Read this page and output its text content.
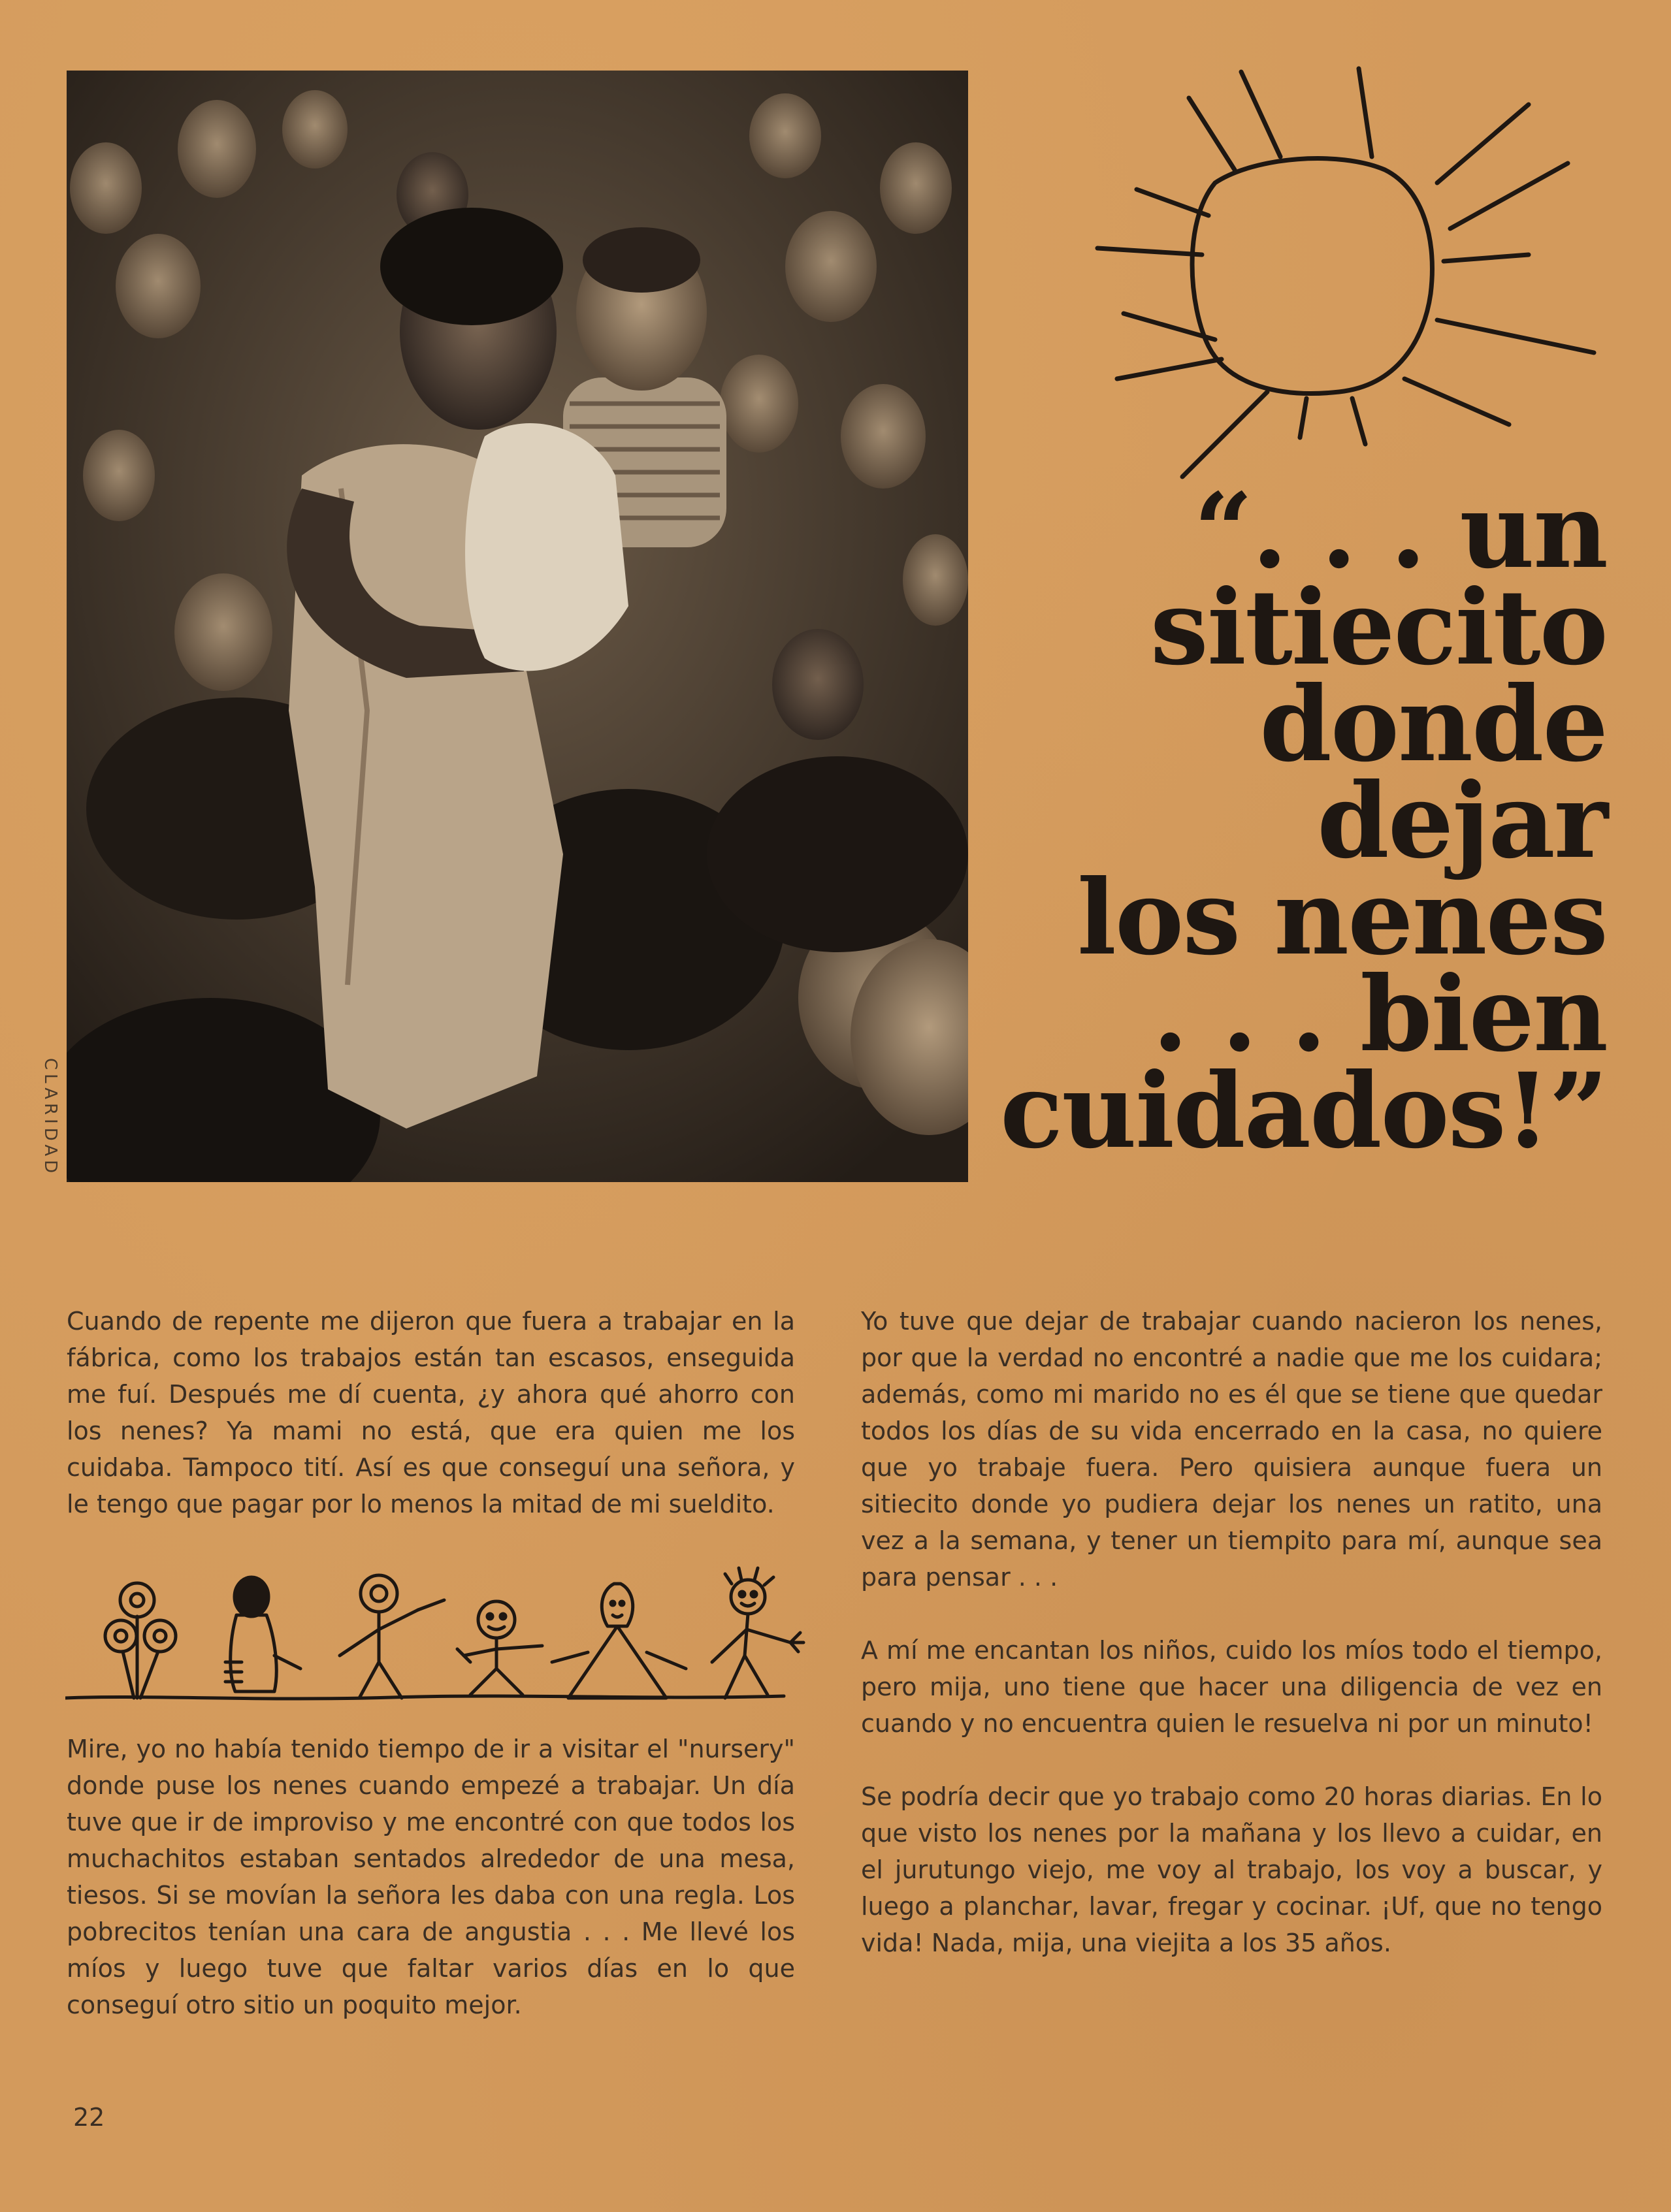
CLARIDAD
“. . . un
sitiecito
donde
dejar
los nenes
. . . bien
cuidados!”

Cuando de repente me dijeron que fuera a trabajar en la fábrica, como los trabajos están tan escasos, enseguida me fuí. Después me dí cuenta, ¿y ahora qué ahorro con los nenes? Ya mami no está, que era quien me los cuidaba. Tampoco tití. Así es que conseguí una señora, y le tengo que pagar por lo menos la mitad de mi sueldito.

Mire, yo no había tenido tiempo de ir a visitar el "nursery" donde puse los nenes cuando empezé a trabajar. Un día tuve que ir de improviso y me encontré con que todos los muchachitos estaban sentados alrededor de una mesa, tiesos. Si se movían la señora les daba con una regla. Los pobrecitos tenían una cara de angustia . . . Me llevé los míos y luego tuve que faltar varios días en lo que conseguí otro sitio un poquito mejor.

Yo tuve que dejar de trabajar cuando nacieron los nenes, por que la verdad no encontré a nadie que me los cuidara; además, como mi marido no es él que se tiene que quedar todos los días de su vida encerrado en la casa, no quiere que yo trabaje fuera. Pero quisiera aunque fuera un sitiecito donde yo pudiera dejar los nenes un ratito, una vez a la semana, y tener un tiempito para mí, aunque sea para pensar . . .

A mí me encantan los niños, cuido los míos todo el tiempo, pero mija, uno tiene que hacer una diligencia de vez en cuando y no encuentra quien le resuelva ni por un minuto!

Se podría decir que yo trabajo como 20 horas diarias. En lo que visto los nenes por la mañana y los llevo a cuidar, en el jurutungo viejo, me voy al trabajo, los voy a buscar, y luego a planchar, lavar, fregar y cocinar. ¡Uf, que no tengo vida! Nada, mija, una viejita a los 35 años.

22
